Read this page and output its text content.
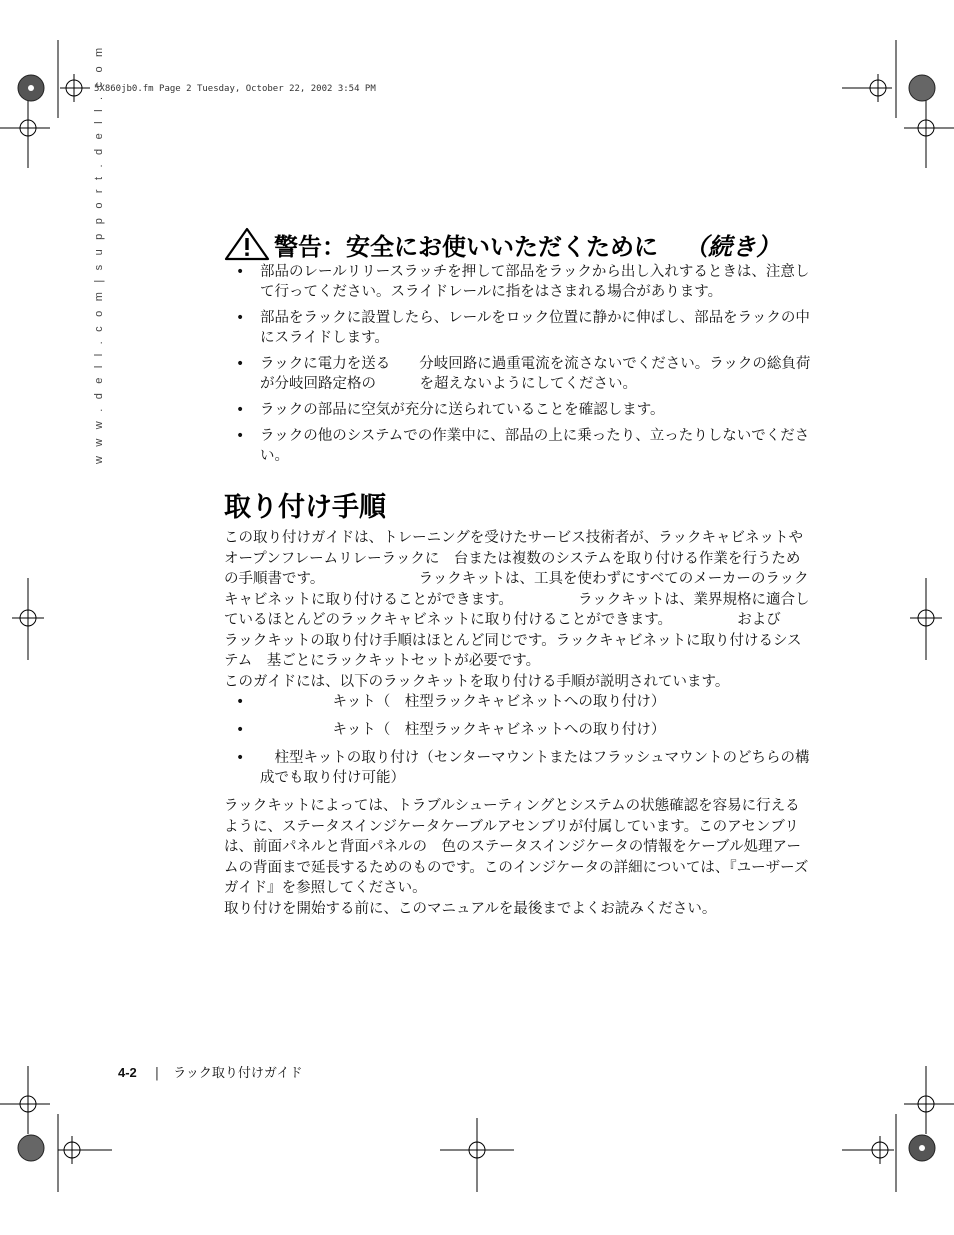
5X860jb0.fm Page 2 Tuesday, October 22, 2002 3:54 PM
w w w . d e l l . c o m | s u p p o r t . d e l l . c o m	警告：安全にお使いいただくために （続き）
• 部品のレールリリースラッチを押して部品をラックから出し入れするときは、注意して行ってください。スライドレールに指をはさまれる場合があります。
• 部品をラックに設置したら、レールをロック位置に静かに伸ばし、部品をラックの中にスライドします。
• ラックに電力を送る　　分岐回路に過重電流を流さないでください。ラックの総負荷が分岐回路定格の　　　を超えないようにしてください。
• ラックの部品に空気が充分に送られていることを確認します。
• ラックの他のシステムでの作業中に、部品の上に乗ったり、立ったりしないでください。
取り付け手順

この取り付けガイドは、トレーニングを受けたサービス技術者が、ラックキャビネットやオープンフレームリレーラックに　台または複数のシステムを取り付ける作業を行うための手順書です。　　　　　　　ラックキットは、工具を使わずにすべてのメーカーのラックキャビネットに取り付けることができます。　　　　　ラックキットは、業界規格に適合しているほとんどのラックキャビネットに取り付けることができます。　　　　　および　　　　　ラックキットの取り付け手順はほとんど同じです。ラックキャビネットに取り付けるシステム　基ごとにラックキットセットが必要です。

このガイドには、以下のラックキットを取り付ける手順が説明されています。

• 　　　　　キット（　柱型ラックキャビネットへの取り付け）
• 　　　　　キット（　柱型ラックキャビネットへの取り付け）
• 　柱型キットの取り付け（センターマウントまたはフラッシュマウントのどちらの構成でも取り付け可能）

ラックキットによっては、トラブルシューティングとシステムの状態確認を容易に行えるように、ステータスインジケータケーブルアセンブリが付属しています。このアセンブリは、前面パネルと背面パネルの　色のステータスインジケータの情報をケーブル処理アームの背面まで延長するためのものです。このインジケータの詳細については、『ユーザーズガイド』を参照してください。

取り付けを開始する前に、このマニュアルを最後までよくお読みください。

4-2 | ラック取り付けガイド
